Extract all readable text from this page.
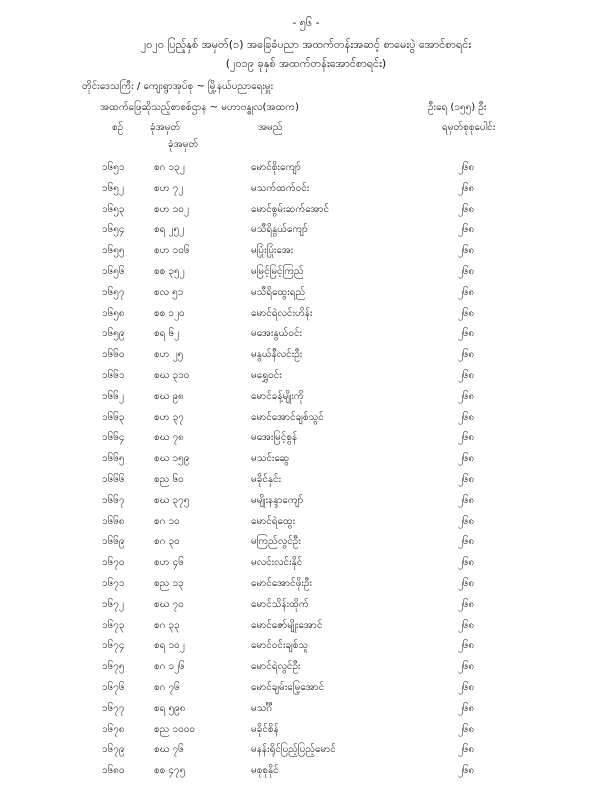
- ၅၆ -
၂၀၂၀ ပြည့်နှစ် အမှတ်(၁) အခြေခံပညာ အထက်တန်းအဆင့် စာမေးပွဲ အောင်စာရင်း
(၂၀၁၉ ခုနှစ် အထက်တန်းအောင်စာရင်း)
တိုင်းဒေသကြီး / ကျေးရွာအုပ်စု ~ မြို့နယ်ပညာရေးမှူး
အထက်ဖြေဆိုသည့်စာစစ်ဌာန ~ မဟာဗန္ဓုလ(အထက)	ဦးရေ (၁၅၅) ဦး
စဉ်	ခုံအမှတ်
ခုံအမှတ်
အမည်	ရမှတ်စုစုပေါင်း
၁၆၅၁	စဂ ၁၃၂	မောင်စိုးကျော်	၂၆၈
၁၆၅၂	စဟ ၇၂	မသက်ထက်ဝင်း	၂၆၈
၁၆၅၃	စဟ ၁၀၂	မောင်စွမ်းဆက်အောင်	၂၆၈
၁၆၅၄	စရ ၂၅၂	မသီရိနွယ်ကျော်	၂၆၈
၁၆၅၅	စဟ ၁၀၆	မပြုံးပြုံးအေး	၂၆၈
၁၆၅၆	စစ ၃၅၂	မမြင့်မြင့်ကြည်	၂၆၈
၁၆၅၇	စလ ၅၁	မသီရိထွေးရည်	၂၆၈
၁၆၅၈	စစ ၁၂၀	မောင်ရဲလင်းဟိန်း	၂၆၈
၁၆၅၉	စရ ၆၂	မအေးနွယ်ဝင်း	၂၆၈
၁၆၆၀	စဟ ၂၅	မနွယ်နီလင်းဦး	၂၆၈
၁၆၆၁	စဃ ၃၁၀	မရွှေဝင်း	၂၆၈
၁၆၆၂	စဃ ၉၈	မောင်ခန့်မျိုးကို	၂၆၈
၁၆၆၃	စဟ ၃၇	မောင်အောင်ချစ်သွင်	၂၆၈
၁၆၆၄	စဃ ၇၈	မအေးမြင့်စွန်	၂၆၈
၁၆၆၅	စဃ ၁၅၉	မသင်းဆွေ	၂၆၈
၁၆၆၆	စည ၆၀	မခိုင်နှင်း	၂၆၈
၁၆၆၇	စဃ ၃၇၅	မမျိုးနန္ဒာကျော်	၂၆၈
၁၆၆၈	စဂ ၁၀	မောင်ရဲထွေး	၂၆၈
၁၆၆၉	စဂ ၃၀	မကြည်လွင်ဦး	၂၆၈
၁၆၇၀	စဟ ၄၆	မလင်းလင်းနိုင်	၂၆၈
၁၆၇၁	စည ၁၃	မောင်အောင်ဖိုးဦး	၂၆၈
၁၆၇၂	စဃ ၇၀	မောင်သိန်းထိုက်	၂၆၈
၁၆၇၃	စဂ ၃၃	မောင်ဇော်မျိုးအောင်	၂၆၈
၁၆၇၄	စရ ၁၀၂	မောင်ဝင်းချစ်သူ	၂၆၈
၁၆၇၅	စဂ ၁၂၆	မောင်ရဲလွင်ဦး	၂၆၈
၁၆၇၆	စဂ ၇၆	မောင်ချမ်းမြေ့အောင်	၂၆၈
၁၆၇၇	စရ ၅၉၈	မသင်္ဂီ	၂၆၈
၁၆၇၈	စည ၁၀၀၀	မခိုင်စိန်	၂၆၈
၁၆၇၉	စဃ ၇၆	မနန်းရိုင်ပြည့်ပြည့်မောင်	၂၆၈
၁၆၈၀	စစ ၄၇၅	မစုစုနိုင်	၂၆၈
